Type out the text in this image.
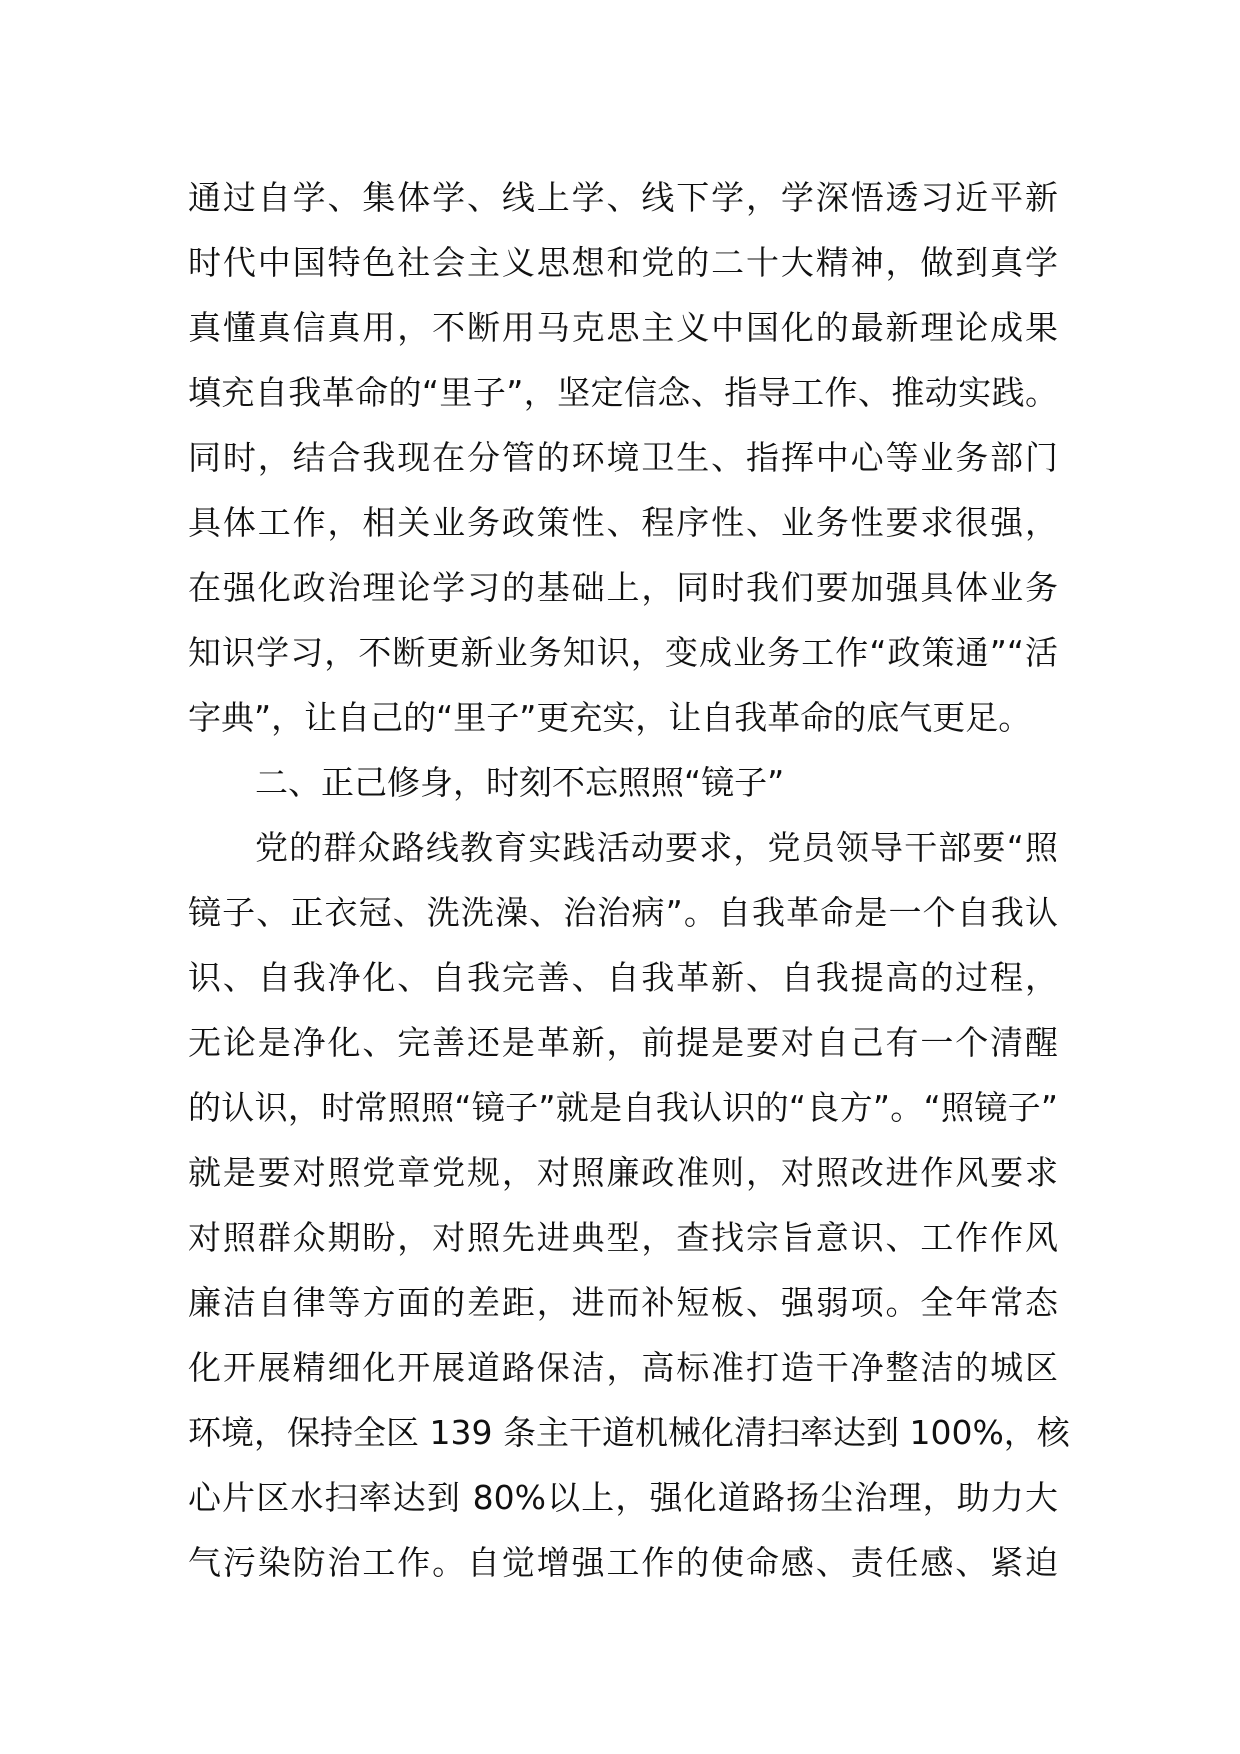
通过自学、集体学、线上学、线下学，学深悟透习近平新
时代中国特色社会主义思想和党的二十大精神，做到真学
真懂真信真用，不断用马克思主义中国化的最新理论成果
填充自我革命的“里子”，坚定信念、指导工作、推动实践。
同时，结合我现在分管的环境卫生、指挥中心等业务部门
具体工作，相关业务政策性、程序性、业务性要求很强，
在强化政治理论学习的基础上，同时我们要加强具体业务
知识学习，不断更新业务知识，变成业务工作“政策通”“活
字典”，让自己的“里子”更充实，让自我革命的底气更足。
二、正己修身，时刻不忘照照“镜子”
党的群众路线教育实践活动要求，党员领导干部要“照
镜子、正衣冠、洗洗澡、治治病”。自我革命是一个自我认
识、自我净化、自我完善、自我革新、自我提高的过程，
无论是净化、完善还是革新，前提是要对自己有一个清醒
的认识，时常照照“镜子”就是自我认识的“良方”。“照镜子”
就是要对照党章党规，对照廉政准则，对照改进作风要求
对照群众期盼，对照先进典型，查找宗旨意识、工作作风
廉洁自律等方面的差距，进而补短板、强弱项。全年常态
化开展精细化开展道路保洁，高标准打造干净整洁的城区
环境，保持全区 139 条主干道机械化清扫率达到 100%，核
心片区水扫率达到 80%以上，强化道路扬尘治理，助力大
气污染防治工作。自觉增强工作的使命感、责任感、紧迫
